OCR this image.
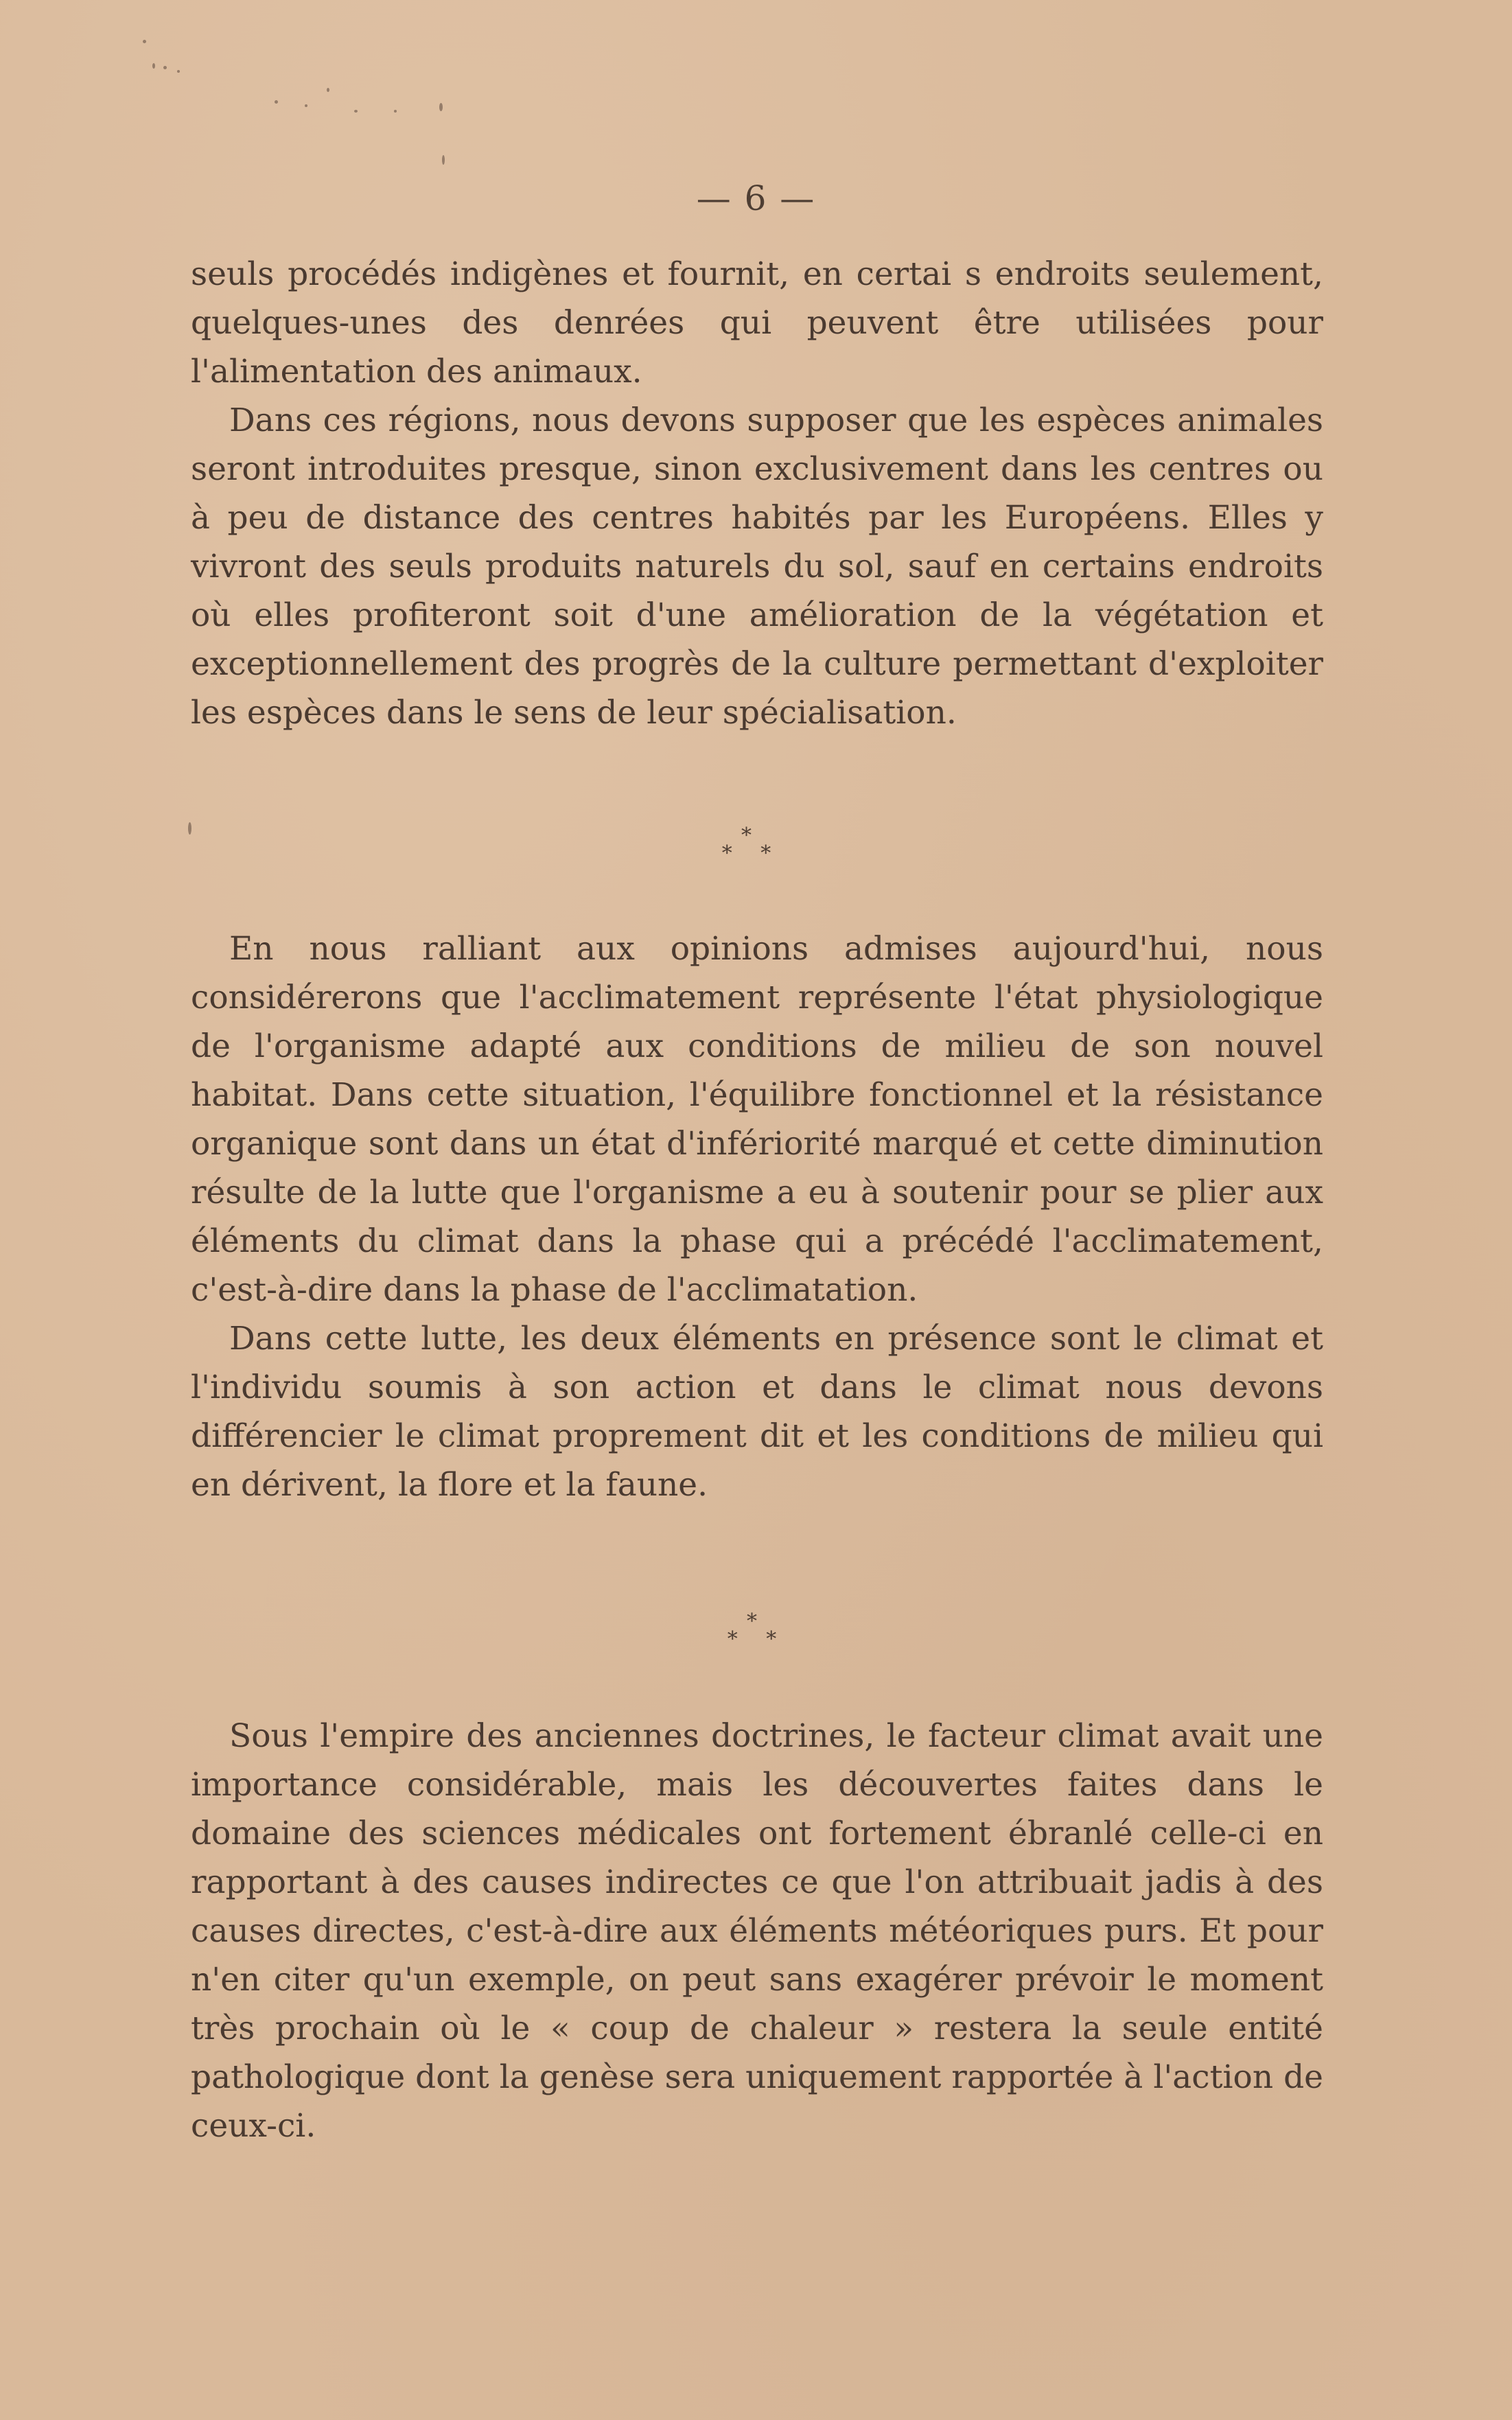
— 6 —

seuls procédés indigènes et fournit, en certai s endroits seulement, quelques-unes des denrées qui peuvent être utilisées pour l'alimentation des animaux.

Dans ces régions, nous devons supposer que les espèces animales seront introduites presque, sinon exclusivement dans les centres ou à peu de distance des centres habités par les Européens. Elles y vivront des seuls produits naturels du sol, sauf en certains endroits où elles profiteront soit d'une amélioration de la végétation et exceptionnellement des progrès de la culture permettant d'exploiter les espèces dans le sens de leur spécialisation.

*
* *

En nous ralliant aux opinions admises aujourd'hui, nous considérerons que l'acclimatement représente l'état physiologique de l'organisme adapté aux conditions de milieu de son nouvel habitat. Dans cette situation, l'équilibre fonctionnel et la résistance organique sont dans un état d'infériorité marqué et cette diminution résulte de la lutte que l'organisme a eu à soutenir pour se plier aux éléments du climat dans la phase qui a précédé l'acclimatement, c'est-à-dire dans la phase de l'acclimatation.

Dans cette lutte, les deux éléments en présence sont le climat et l'individu soumis à son action et dans le climat nous devons différencier le climat proprement dit et les conditions de milieu qui en dérivent, la flore et la faune.

*
* *

Sous l'empire des anciennes doctrines, le facteur climat avait une importance considérable, mais les découvertes faites dans le domaine des sciences médicales ont fortement ébranlé celle-ci en rapportant à des causes indirectes ce que l'on attribuait jadis à des causes directes, c'est-à-dire aux éléments météoriques purs. Et pour n'en citer qu'un exemple, on peut sans exagérer prévoir le moment très prochain où le « coup de chaleur » restera la seule entité pathologique dont la genèse sera uniquement rapportée à l'action de ceux-ci.
